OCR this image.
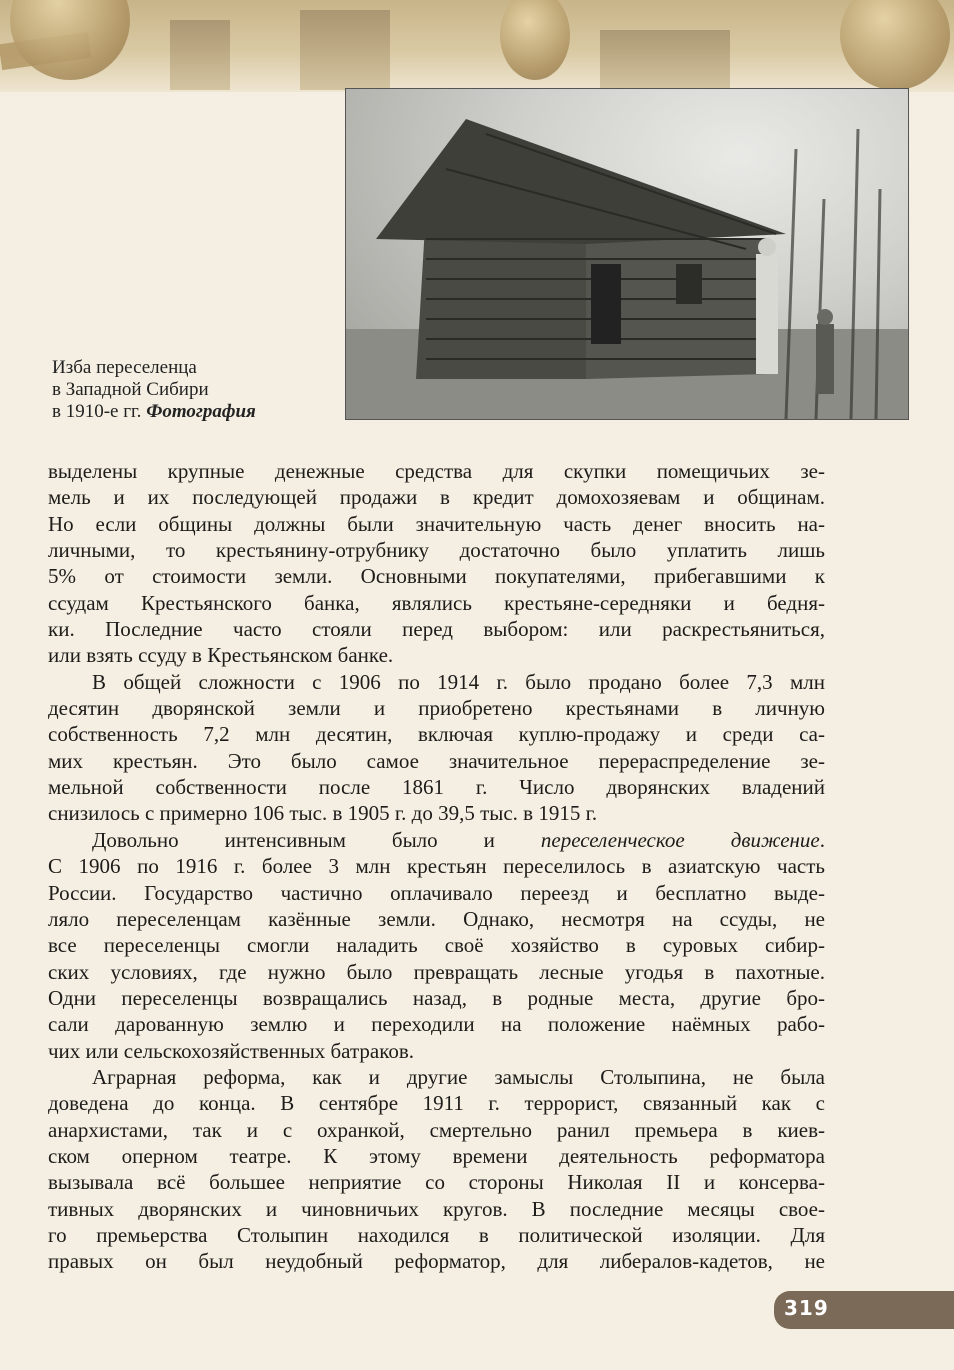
Изба переселенца
в Западной Сибири
в 1910-е гг. Фотография
выделены крупные денежные средства для скупки помещичьих зе-
мель и их последующей продажи в кредит домохозяевам и общинам.
Но если общины должны были значительную часть денег вносить на-
личными, то крестьянину-отрубнику достаточно было уплатить лишь
5% от стоимости земли. Основными покупателями, прибегавшими к
ссудам Крестьянского банка, являлись крестьяне-середняки и бедня-
ки. Последние часто стояли перед выбором: или раскрестьяниться,
или взять ссуду в Крестьянском банке.
В общей сложности с 1906 по 1914 г. было продано более 7,3 млн
десятин дворянской земли и приобретено крестьянами в личную
собственность 7,2 млн десятин, включая куплю-продажу и среди са-
мих крестьян. Это было самое значительное перераспределение зе-
мельной собственности после 1861 г. Число дворянских владений
снизилось с примерно 106 тыс. в 1905 г. до 39,5 тыс. в 1915 г.
Довольно интенсивным было и переселенческое движение.
С 1906 по 1916 г. более 3 млн крестьян переселилось в азиатскую часть
России. Государство частично оплачивало переезд и бесплатно выде-
ляло переселенцам казённые земли. Однако, несмотря на ссуды, не
все переселенцы смогли наладить своё хозяйство в суровых сибир-
ских условиях, где нужно было превращать лесные угодья в пахотные.
Одни переселенцы возвращались назад, в родные места, другие бро-
сали дарованную землю и переходили на положение наёмных рабо-
чих или сельскохозяйственных батраков.
Аграрная реформа, как и другие замыслы Столыпина, не была
доведена до конца. В сентябре 1911 г. террорист, связанный как с
анархистами, так и с охранкой, смертельно ранил премьера в киев-
ском оперном театре. К этому времени деятельность реформатора
вызывала всё большее неприятие со стороны Николая II и консерва-
тивных дворянских и чиновничьих кругов. В последние месяцы свое-
го премьерства Столыпин находился в политической изоляции. Для
правых он был неудобный реформатор, для либералов-кадетов, не
319
